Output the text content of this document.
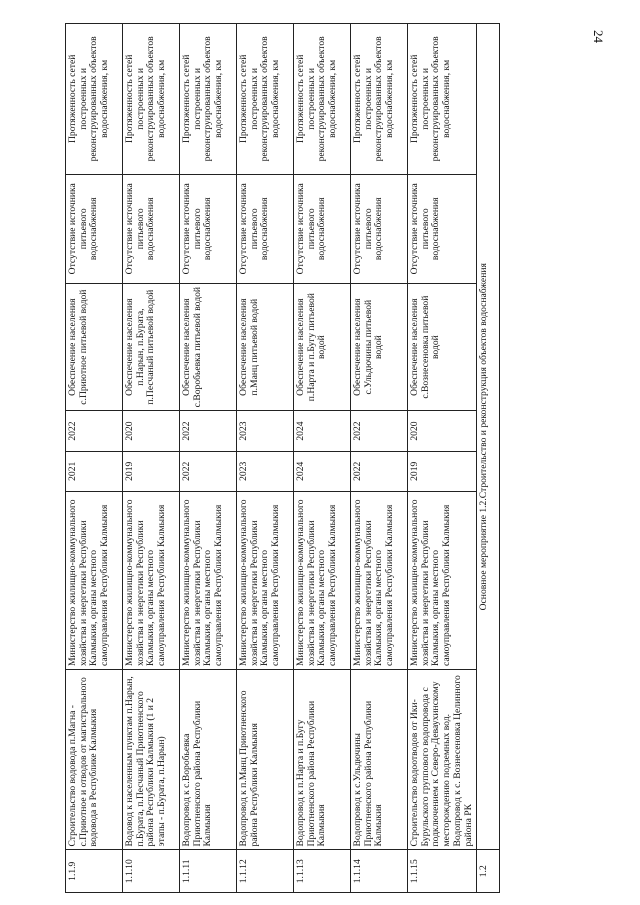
24
1.1.9	Строительство водовода п.Магна - с.Приютное и отводов от магистрального водовода в Республике Калмыкия	Министерство жилищно-коммунального хозяйства и энергетики Республики Калмыкия, органы местного самоуправления Республики Калмыкия	2021	2022	Обеспечение населения с.Приютное питьевой водой	Отсутствие источника питьевого водоснабжения	Протяженность сетей построенных и реконструированных объектов водоснабжения, км
1.1.10	Водовод к населенным пунктам п.Нарын, п.Бурата, п.Песчаный Приютненского района Республики Калмыкия (1 и 2 этапы - п.Бурата, п.Нарын)	Министерство жилищно-коммунального хозяйства и энергетики Республики Калмыкия, органы местного самоуправления Республики Калмыкия	2019	2020	Обеспечение населения п.Нарын, п.Бурата, п.Песчаный питьевой водой	Отсутствие источника питьевого водоснабжения	Протяженность сетей построенных и реконструированных объектов водоснабжения, км
1.1.11	Водопровод к с.Воробьевка Приютненского района Республики Калмыкия	Министерство жилищно-коммунального хозяйства и энергетики Республики Калмыкия, органы местного самоуправления Республики Калмыкия	2022	2022	Обеспечение населения с.Воробьевка питьевой водой	Отсутствие источника питьевого водоснабжения	Протяженность сетей построенных и реконструированных объектов водоснабжения, км
1.1.12	Водопровод к п.Манц Приютненского района Республики Калмыкия	Министерство жилищно-коммунального хозяйства и энергетики Республики Калмыкия, органы местного самоуправления Республики Калмыкия	2023	2023	Обеспечение населения п.Манц питьевой водой	Отсутствие источника питьевого водоснабжения	Протяженность сетей построенных и реконструированных объектов водоснабжения, км
1.1.13	Водопровод к п.Нарта и п.Бугу Приютненского района Республики Калмыкия	Министерство жилищно-коммунального хозяйства и энергетики Республики Калмыкия, органы местного самоуправления Республики Калмыкия	2024	2024	Обеспечение населения п.Нарта и п.Бугу питьевой водой	Отсутствие источника питьевого водоснабжения	Протяженность сетей построенных и реконструированных объектов водоснабжения, км
1.1.14	Водопровод к с.Ульдючины Приютненского района Республики Калмыкия	Министерство жилищно-коммунального хозяйства и энергетики Республики Калмыкия, органы местного самоуправления Республики Калмыкия	2022	2022	Обеспечение населения с.Ульдючины питьевой водой	Отсутствие источника питьевого водоснабжения	Протяженность сетей построенных и реконструированных объектов водоснабжения, км
1.1.15	Строительство водоотводов от Ики-Бурульского группового водопровода с подключением к Северо-Деваухинскому месторождению подземных вод. Водопровод к с. Вознесеновка Целинного района РК	Министерство жилищно-коммунального хозяйства и энергетики Республики Калмыкия, органы местного самоуправления Республики Калмыкия	2019	2020	Обеспечение населения с.Вознесеновка питьевой водой	Отсутствие источника питьевого водоснабжения	Протяженность сетей построенных и реконструированных объектов водоснабжения, км
1.2	Основное мероприятие 1.2.Строительство и реконструкция объектов водоснабжения						
